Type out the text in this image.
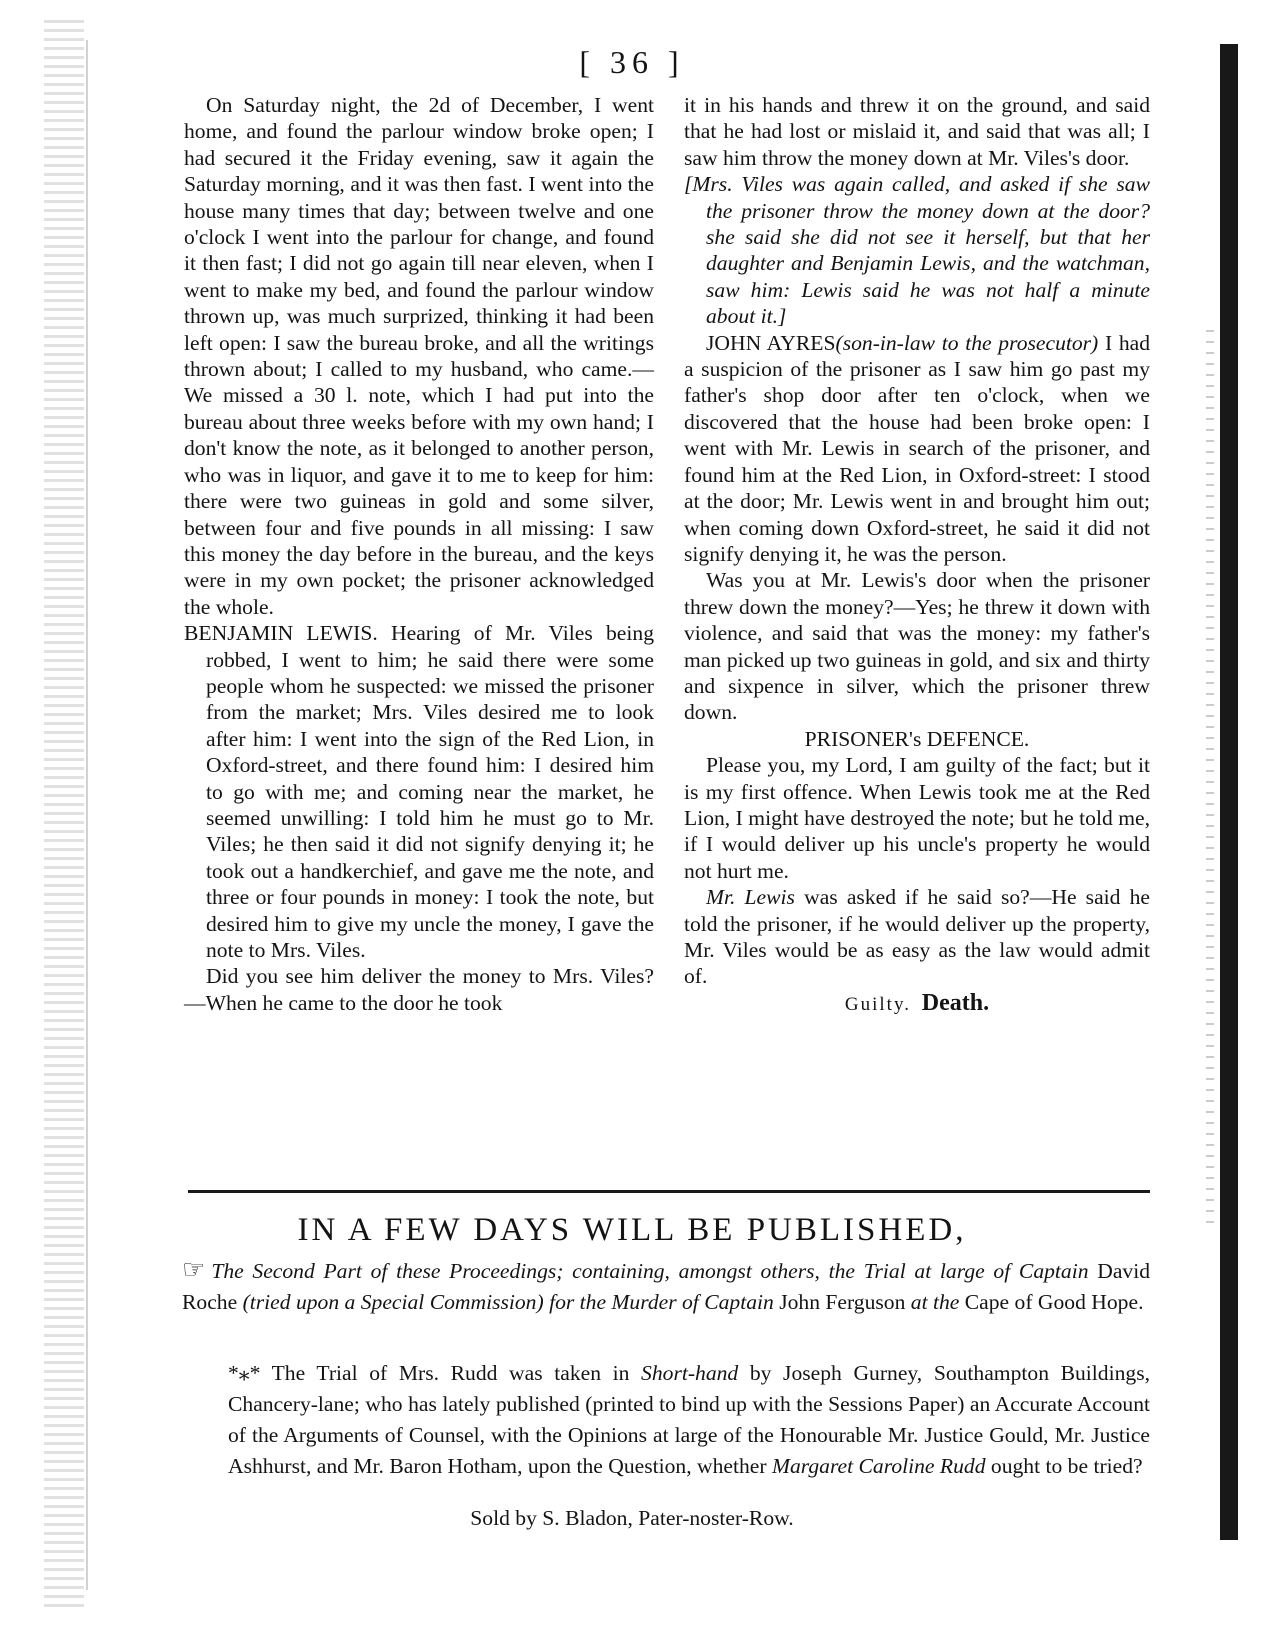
[ 36 ]

On Saturday night, the 2d of December, I went home, and found the parlour window broke open; I had secured it the Friday evening, saw it again the Saturday morning, and it was then fast. I went into the house many times that day; between twelve and one o'clock I went into the parlour for change, and found it then fast; I did not go again till near eleven, when I went to make my bed, and found the parlour window thrown up, was much surprized, thinking it had been left open: I saw the bureau broke, and all the writings thrown about; I called to my husband, who came.—We missed a 30 l. note, which I had put into the bureau about three weeks before with my own hand; I don't know the note, as it belonged to another person, who was in liquor, and gave it to me to keep for him: there were two guineas in gold and some silver, between four and five pounds in all missing: I saw this money the day before in the bureau, and the keys were in my own pocket; the prisoner acknowledged the whole.

BENJAMIN LEWIS. Hearing of Mr. Viles being robbed, I went to him; he said there were some people whom he suspected: we missed the prisoner from the market; Mrs. Viles desired me to look after him: I went into the sign of the Red Lion, in Oxford-street, and there found him: I desired him to go with me; and coming near the market, he seemed unwilling: I told him he must go to Mr. Viles; he then said it did not signify denying it; he took out a handkerchief, and gave me the note, and three or four pounds in money: I took the note, but desired him to give my uncle the money, I gave the note to Mrs. Viles.

Did you see him deliver the money to Mrs. Viles?—When he came to the door he took

it in his hands and threw it on the ground, and said that he had lost or mislaid it, and said that was all; I saw him throw the money down at Mr. Viles's door.

[Mrs. Viles was again called, and asked if she saw the prisoner throw the money down at the door? she said she did not see it herself, but that her daughter and Benjamin Lewis, and the watchman, saw him: Lewis said he was not half a minute about it.]

JOHN AYRES(son-in-law to the prosecutor) I had a suspicion of the prisoner as I saw him go past my father's shop door after ten o'clock, when we discovered that the house had been broke open: I went with Mr. Lewis in search of the prisoner, and found him at the Red Lion, in Oxford-street: I stood at the door; Mr. Lewis went in and brought him out; when coming down Oxford-street, he said it did not signify denying it, he was the person.

Was you at Mr. Lewis's door when the prisoner threw down the money?—Yes; he threw it down with violence, and said that was the money: my father's man picked up two guineas in gold, and six and thirty and sixpence in silver, which the prisoner threw down.

PRISONER's DEFENCE.

Please you, my Lord, I am guilty of the fact; but it is my first offence. When Lewis took me at the Red Lion, I might have destroyed the note; but he told me, if I would deliver up his uncle's property he would not hurt me.

Mr. Lewis was asked if he said so?—He said he told the prisoner, if he would deliver up the property, Mr. Viles would be as easy as the law would admit of.

Guilty. Death.

IN A FEW DAYS WILL BE PUBLISHED,
☞ The Second Part of these Proceedings; containing, amongst others, the Trial at large of Captain David Roche (tried upon a Special Commission) for the Murder of Captain John Ferguson at the Cape of Good Hope.
*⁎* The Trial of Mrs. Rudd was taken in Short-hand by Joseph Gurney, Southampton Buildings, Chancery-lane; who has lately published (printed to bind up with the Sessions Paper) an Accurate Account of the Arguments of Counsel, with the Opinions at large of the Honourable Mr. Justice Gould, Mr. Justice Ashhurst, and Mr. Baron Hotham, upon the Question, whether Margaret Caroline Rudd ought to be tried?
Sold by S. Bladon, Pater-noster-Row.
